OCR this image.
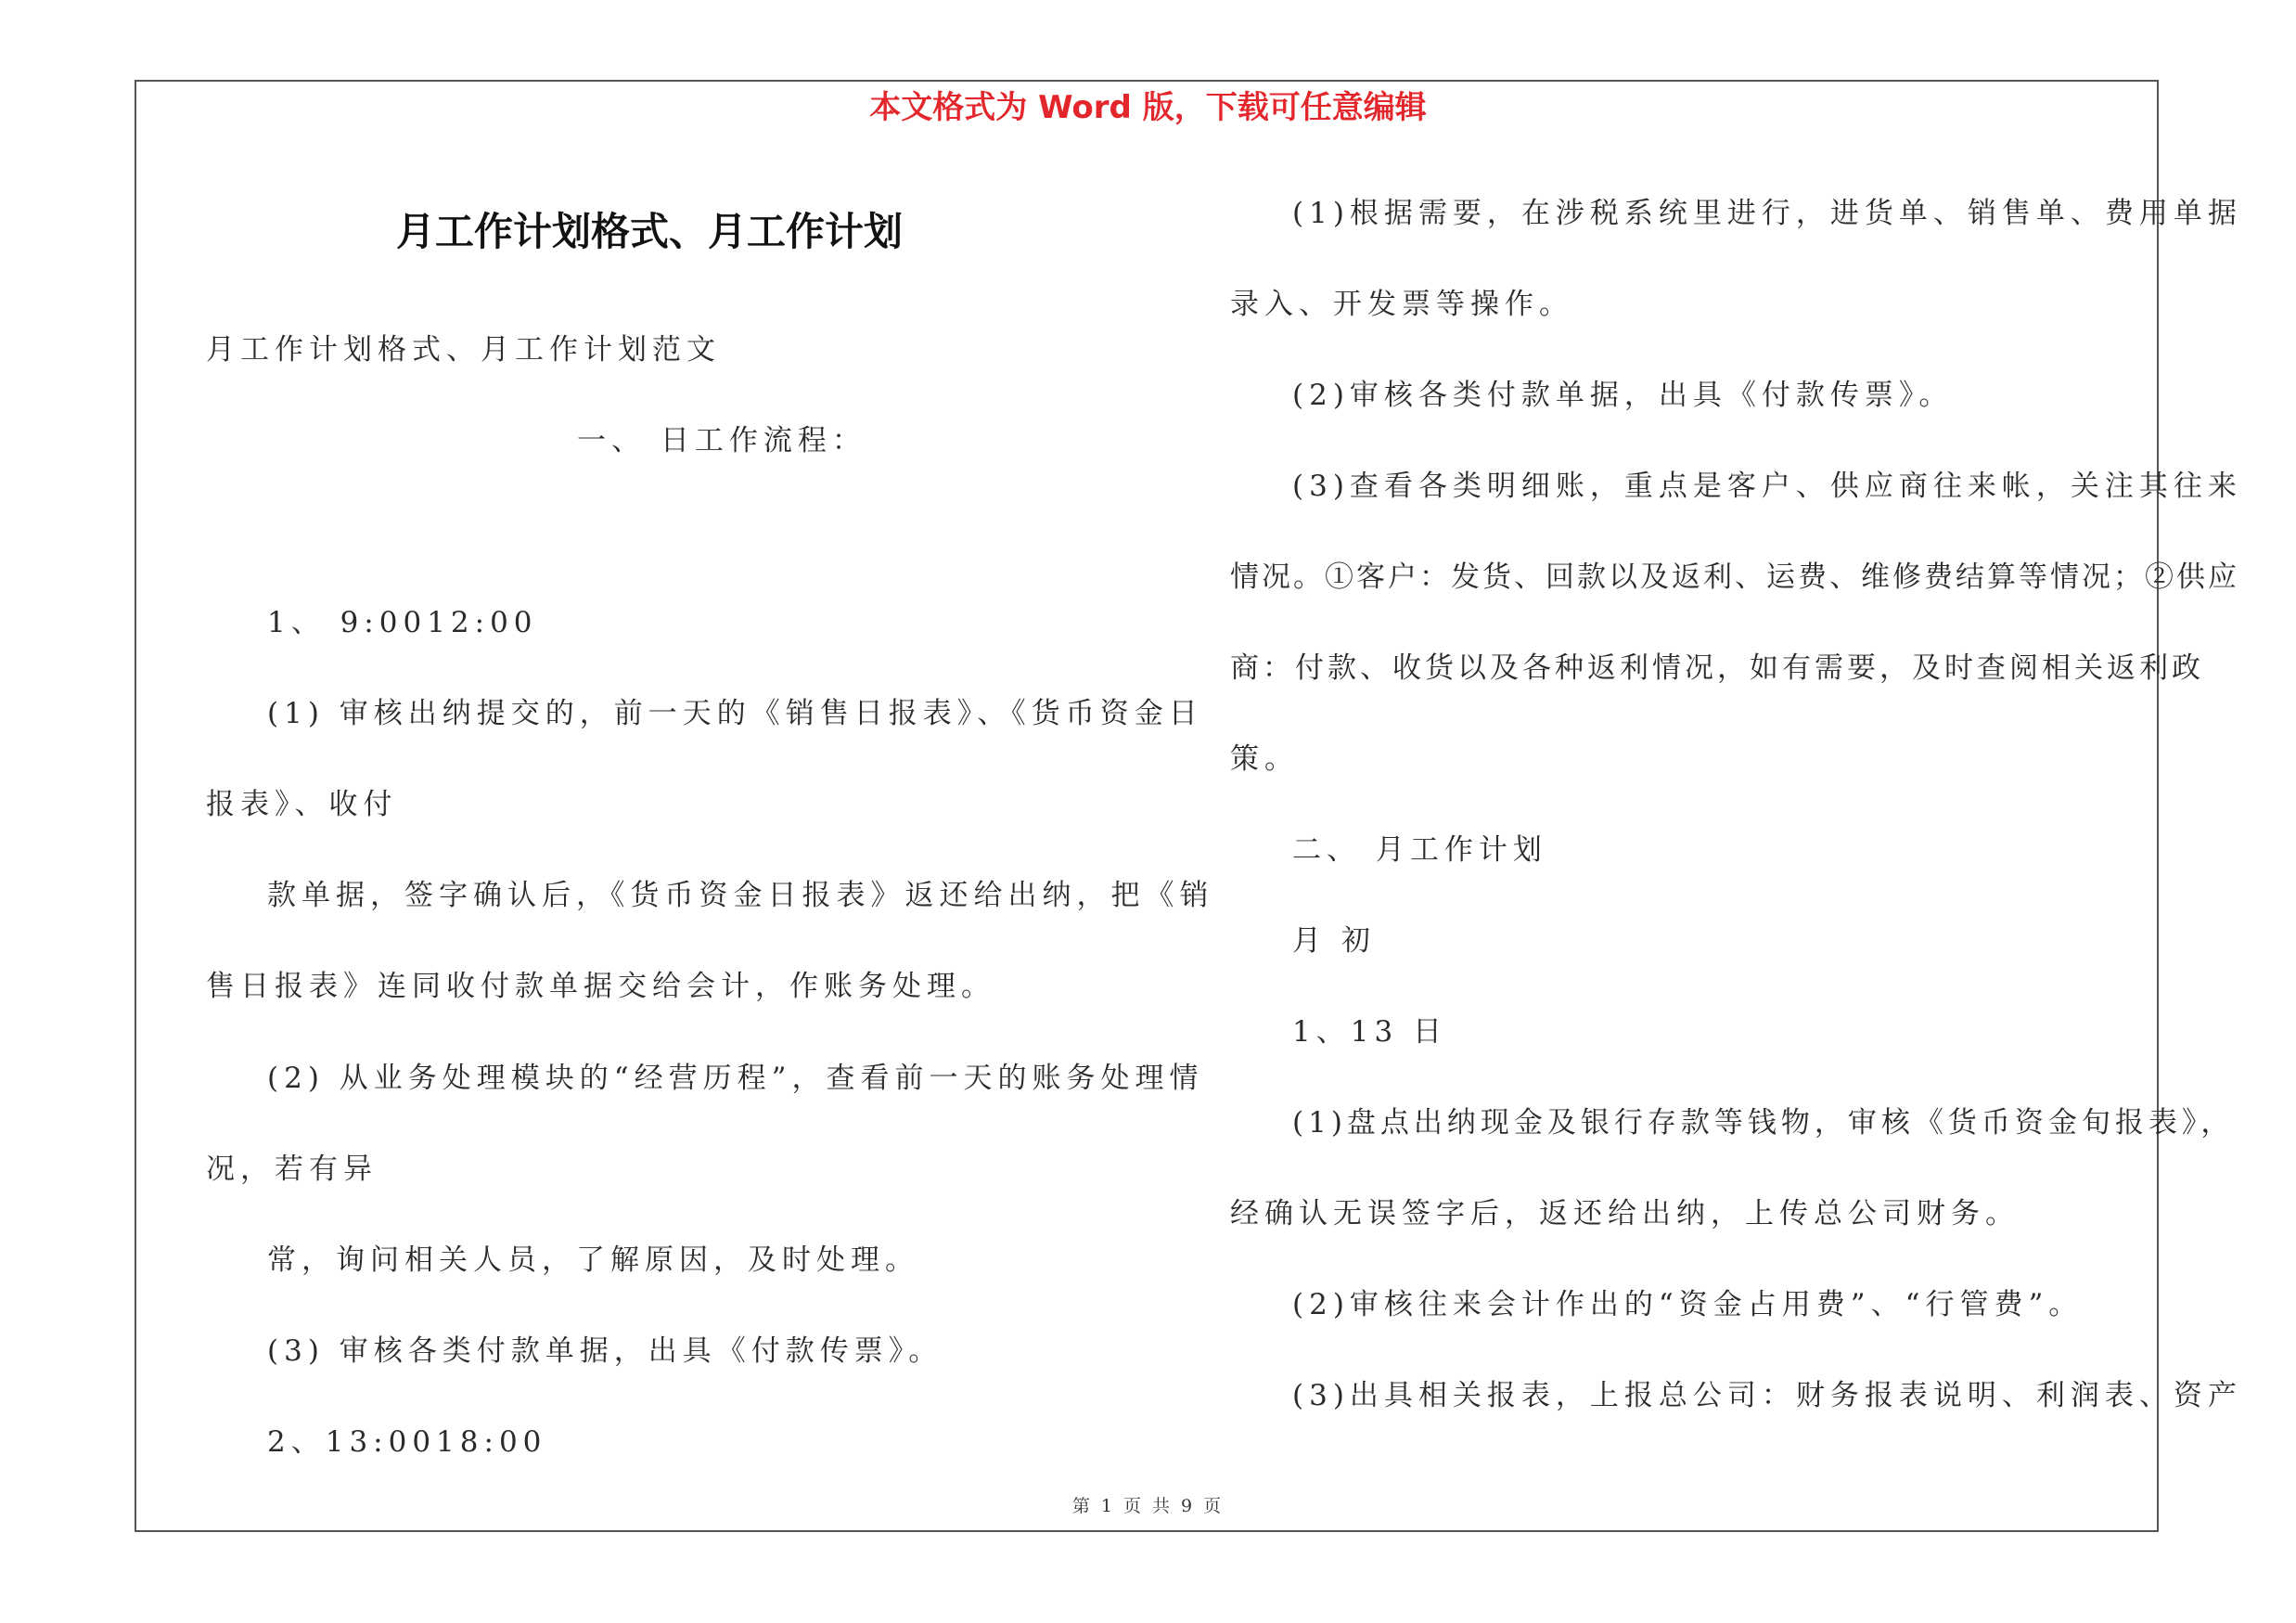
本文格式为 Word 版，下载可任意编辑
月工作计划格式、月工作计划
月工作计划格式、月工作计划范文
一、 日工作流程：
1、 9:0012:00
(1) 审核出纳提交的，前一天的《销售日报表》、《货币资金日
报表》、收付
款单据，签字确认后，《货币资金日报表》返还给出纳，把《销
售日报表》连同收付款单据交给会计，作账务处理。
(2) 从业务处理模块的“经营历程”，查看前一天的账务处理情
况，若有异
常，询问相关人员，了解原因，及时处理。
(3) 审核各类付款单据，出具《付款传票》。
2、13:0018:00
(1)根据需要，在涉税系统里进行，进货单、销售单、费用单据
录入、开发票等操作。
(2)审核各类付款单据，出具《付款传票》。
(3)查看各类明细账，重点是客户、供应商往来帐，关注其往来
情况。①客户：发货、回款以及返利、运费、维修费结算等情况；②供应
商：付款、收货以及各种返利情况，如有需要，及时查阅相关返利政
策。
二、 月工作计划
月 初
1、13 日
(1)盘点出纳现金及银行存款等钱物，审核《货币资金旬报表》，
经确认无误签字后，返还给出纳，上传总公司财务。
(2)审核往来会计作出的“资金占用费”、“行管费”。
(3)出具相关报表，上报总公司：财务报表说明、利润表、资产
第 1 页 共 9 页
